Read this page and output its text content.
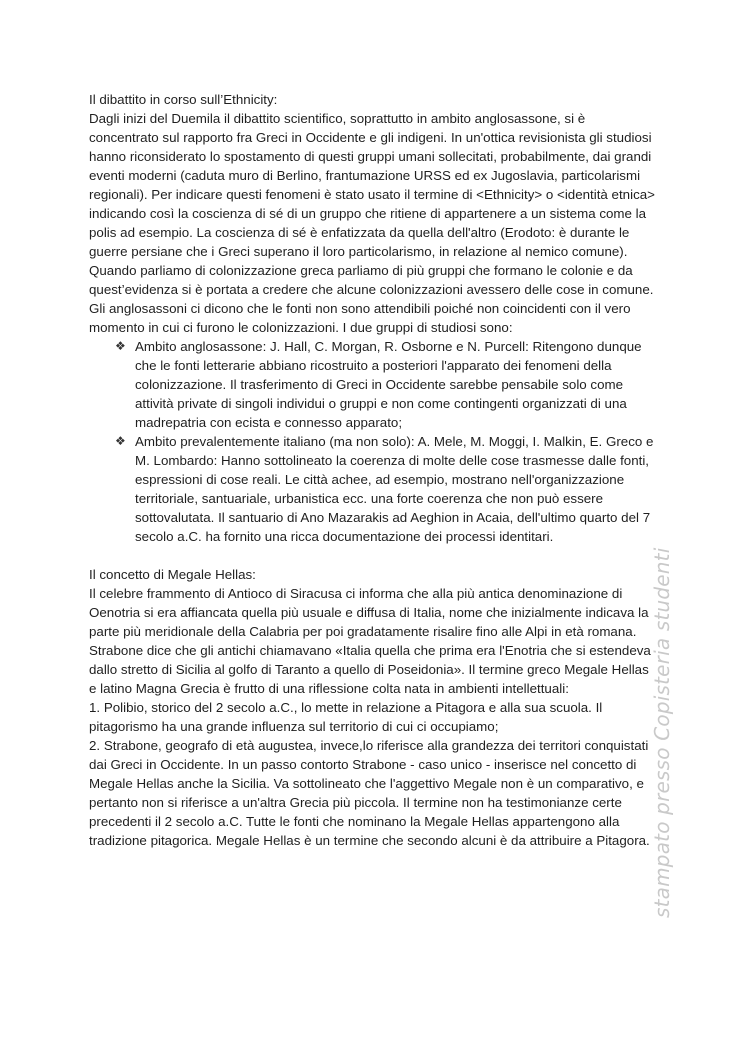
Il dibattito in corso sull’Ethnicity:

Dagli inizi del Duemila il dibattito scientifico, soprattutto in ambito anglosassone, si è concentrato sul rapporto fra Greci in Occidente e gli indigeni. In un'ottica revisionista gli studiosi hanno riconsiderato lo spostamento di questi gruppi umani sollecitati, probabilmente, dai grandi eventi moderni (caduta muro di Berlino, frantumazione URSS ed ex Jugoslavia, particolarismi regionali). Per indicare questi fenomeni è stato usato il termine di <Ethnicity> o <identità etnica> indicando così la coscienza di sé di un gruppo che ritiene di appartenere a un sistema come la polis ad esempio. La coscienza di sé è enfatizzata da quella dell'altro (Erodoto: è durante le guerre persiane che i Greci superano il loro particolarismo, in relazione al nemico comune). Quando parliamo di colonizzazione greca parliamo di più gruppi che formano le colonie e da quest’evidenza si è portata a credere che alcune colonizzazioni avessero delle cose in comune. Gli anglosassoni ci dicono che le fonti non sono attendibili poiché non coincidenti con il vero momento in cui ci furono le colonizzazioni. I due gruppi di studiosi sono:

❖ Ambito anglosassone: J. Hall, C. Morgan, R. Osborne e N. Purcell: Ritengono dunque che le fonti letterarie abbiano ricostruito a posteriori l'apparato dei fenomeni della colonizzazione. Il trasferimento di Greci in Occidente sarebbe pensabile solo come attività private di singoli individui o gruppi e non come contingenti organizzati di una madrepatria con ecista e connesso apparato;
❖ Ambito prevalentemente italiano (ma non solo): A. Mele, M. Moggi, I. Malkin, E. Greco e M. Lombardo: Hanno sottolineato la coerenza di molte delle cose trasmesse dalle fonti, espressioni di cose reali. Le città achee, ad esempio, mostrano nell'organizzazione territoriale, santuariale, urbanistica ecc. una forte coerenza che non può essere sottovalutata. Il santuario di Ano Mazarakis ad Aeghion in Acaia, dell'ultimo quarto del 7 secolo a.C. ha fornito una ricca documentazione dei processi identitari.

Il concetto di Megale Hellas:

Il celebre frammento di Antioco di Siracusa ci informa che alla più antica denominazione di Oenotria si era affiancata quella più usuale e diffusa di Italia, nome che inizialmente indicava la parte più meridionale della Calabria per poi gradatamente risalire fino alle Alpi in età romana. Strabone dice che gli antichi chiamavano «Italia quella che prima era l'Enotria che si estendeva dallo stretto di Sicilia al golfo di Taranto a quello di Poseidonia». Il termine greco Megale Hellas e latino Magna Grecia è frutto di una riflessione colta nata in ambienti intellettuali:

1. Polibio, storico del 2 secolo a.C., lo mette in relazione a Pitagora e alla sua scuola. Il pitagorismo ha una grande influenza sul territorio di cui ci occupiamo;

2. Strabone, geografo di età augustea, invece,lo riferisce alla grandezza dei territori conquistati dai Greci in Occidente. In un passo contorto Strabone - caso unico - inserisce nel concetto di Megale Hellas anche la Sicilia. Va sottolineato che l'aggettivo Megale non è un comparativo, e pertanto non si riferisce a un'altra Grecia più piccola. Il termine non ha testimonianze certe precedenti il 2 secolo a.C. Tutte le fonti che nominano la Megale Hellas appartengono alla tradizione pitagorica. Megale Hellas è un termine che secondo alcuni è da attribuire a Pitagora. stampato presso Copisteria studenti
